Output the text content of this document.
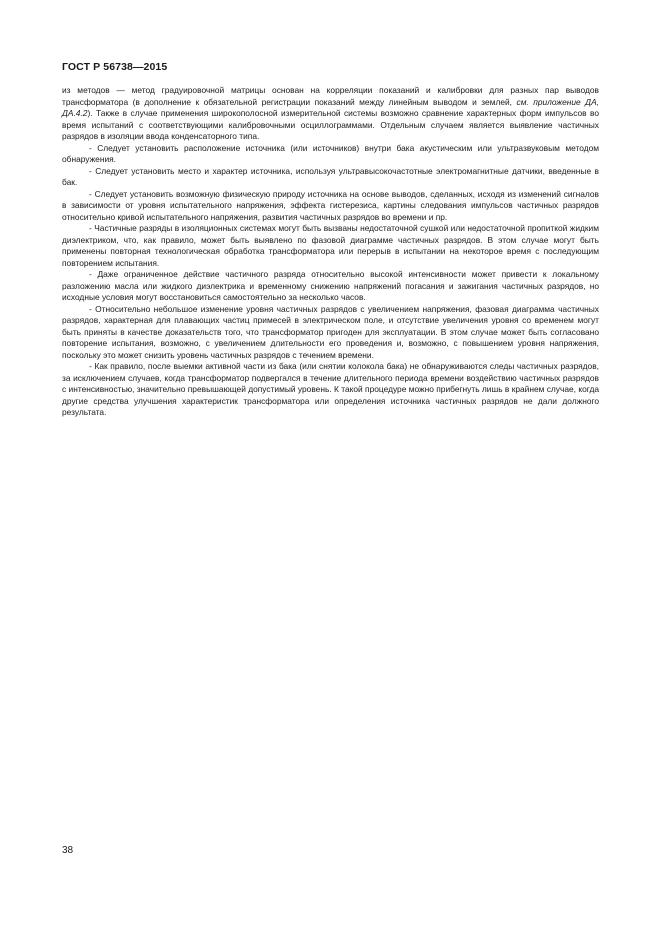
ГОСТ Р 56738—2015

из методов — метод градуировочной матрицы основан на корреляции показаний и калибровки для разных пар выводов трансформатора (в дополнение к обязательной регистрации показаний между линейным выводом и землей, см. приложение ДА, ДА.4.2). Также в случае применения широкополосной измерительной системы возможно сравнение характерных форм импульсов во время испытаний с соответствующими калибровочными осциллограммами. Отдельным случаем является выявление частичных разрядов в изоляции ввода конденсаторного типа.

- Следует установить расположение источника (или источников) внутри бака акустическим или ультразвуковым методом обнаружения.

- Следует установить место и характер источника, используя ультравысокочастотные электромагнитные датчики, введенные в бак.

- Следует установить возможную физическую природу источника на основе выводов, сделанных, исходя из изменений сигналов в зависимости от уровня испытательного напряжения, эффекта гистерезиса, картины следования импульсов частичных разрядов относительно кривой испытательного напряжения, развития частичных разрядов во времени и пр.

- Частичные разряды в изоляционных системах могут быть вызваны недостаточной сушкой или недостаточной пропиткой жидким диэлектриком, что, как правило, может быть выявлено по фазовой диаграмме частичных разрядов. В этом случае могут быть применены повторная технологическая обработка трансформатора или перерыв в испытании на некоторое время с последующим повторением испытания.

- Даже ограниченное действие частичного разряда относительно высокой интенсивности может привести к локальному разложению масла или жидкого диэлектрика и временному снижению напряжений погасания и зажигания частичных разрядов, но исходные условия могут восстановиться самостоятельно за несколько часов.

- Относительно небольшое изменение уровня частичных разрядов с увеличением напряжения, фазовая диаграмма частичных разрядов, характерная для плавающих частиц примесей в электрическом поле, и отсутствие увеличения уровня со временем могут быть приняты в качестве доказательств того, что трансформатор пригоден для эксплуатации. В этом случае может быть согласовано повторение испытания, возможно, с увеличением длительности его проведения и, возможно, с повышением уровня напряжения, поскольку это может снизить уровень частичных разрядов с течением времени.

- Как правило, после выемки активной части из бака (или снятии колокола бака) не обнаруживаются следы частичных разрядов, за исключением случаев, когда трансформатор подвергался в течение длительного периода времени воздействию частичных разрядов с интенсивностью, значительно превышающей допустимый уровень. К такой процедуре можно прибегнуть лишь в крайнем случае, когда другие средства улучшения характеристик трансформатора или определения источника частичных разрядов не дали должного результата.

38
